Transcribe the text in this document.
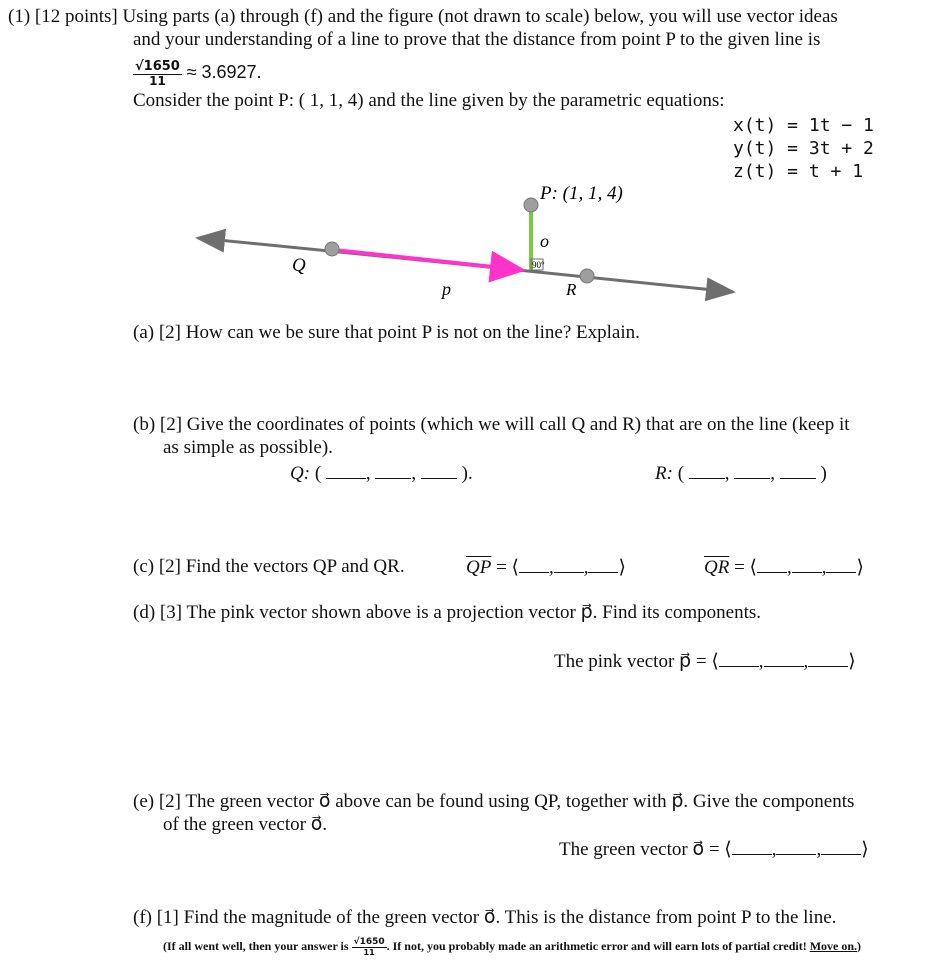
(1) [12 points] Using parts (a) through (f) and the figure (not drawn to scale) below, you will use vector ideas
and your understanding of a line to prove that the distance from point P to the given line is
$\frac{√1650}{11} \approx 3.6927$.
Consider the point P: ( 1, 1, 4) and the line given by the parametric equations:
x(t) = 1t − 1
y(t) = 3t + 2
z(t) = t + 1
P: (1, 1, 4)
o⃗
90°
Q
p⃗	R
(a) [2] How can we be sure that point P is not on the line? Explain.
(b) [2] Give the coordinates of points (which we will call Q and R) that are on the line (keep it
as simple as possible).
Q: ( , ,  ).	R: ( , ,  )
(c) [2] Find the vectors QP and QR.	$\overline{QP}$ = ⟨ , , ⟩	$\overline{QR}$ = ⟨ , , ⟩
(d) [3] The pink vector shown above is a projection vector p⃗. Find its components.
The pink vector p⃗ = ⟨ , , ⟩
(e) [2] The green vector o⃗ above can be found using QP, together with p⃗. Give the components
of the green vector o⃗.
The green vector o⃗ = ⟨ , , ⟩
(f) [1] Find the magnitude of the green vector o⃗. This is the distance from point P to the line.
(If all went well, then your answer is $\frac{√1650}{11}$ . If not, you probably made an arithmetic error and will earn lots of partial credit! Move on.)
